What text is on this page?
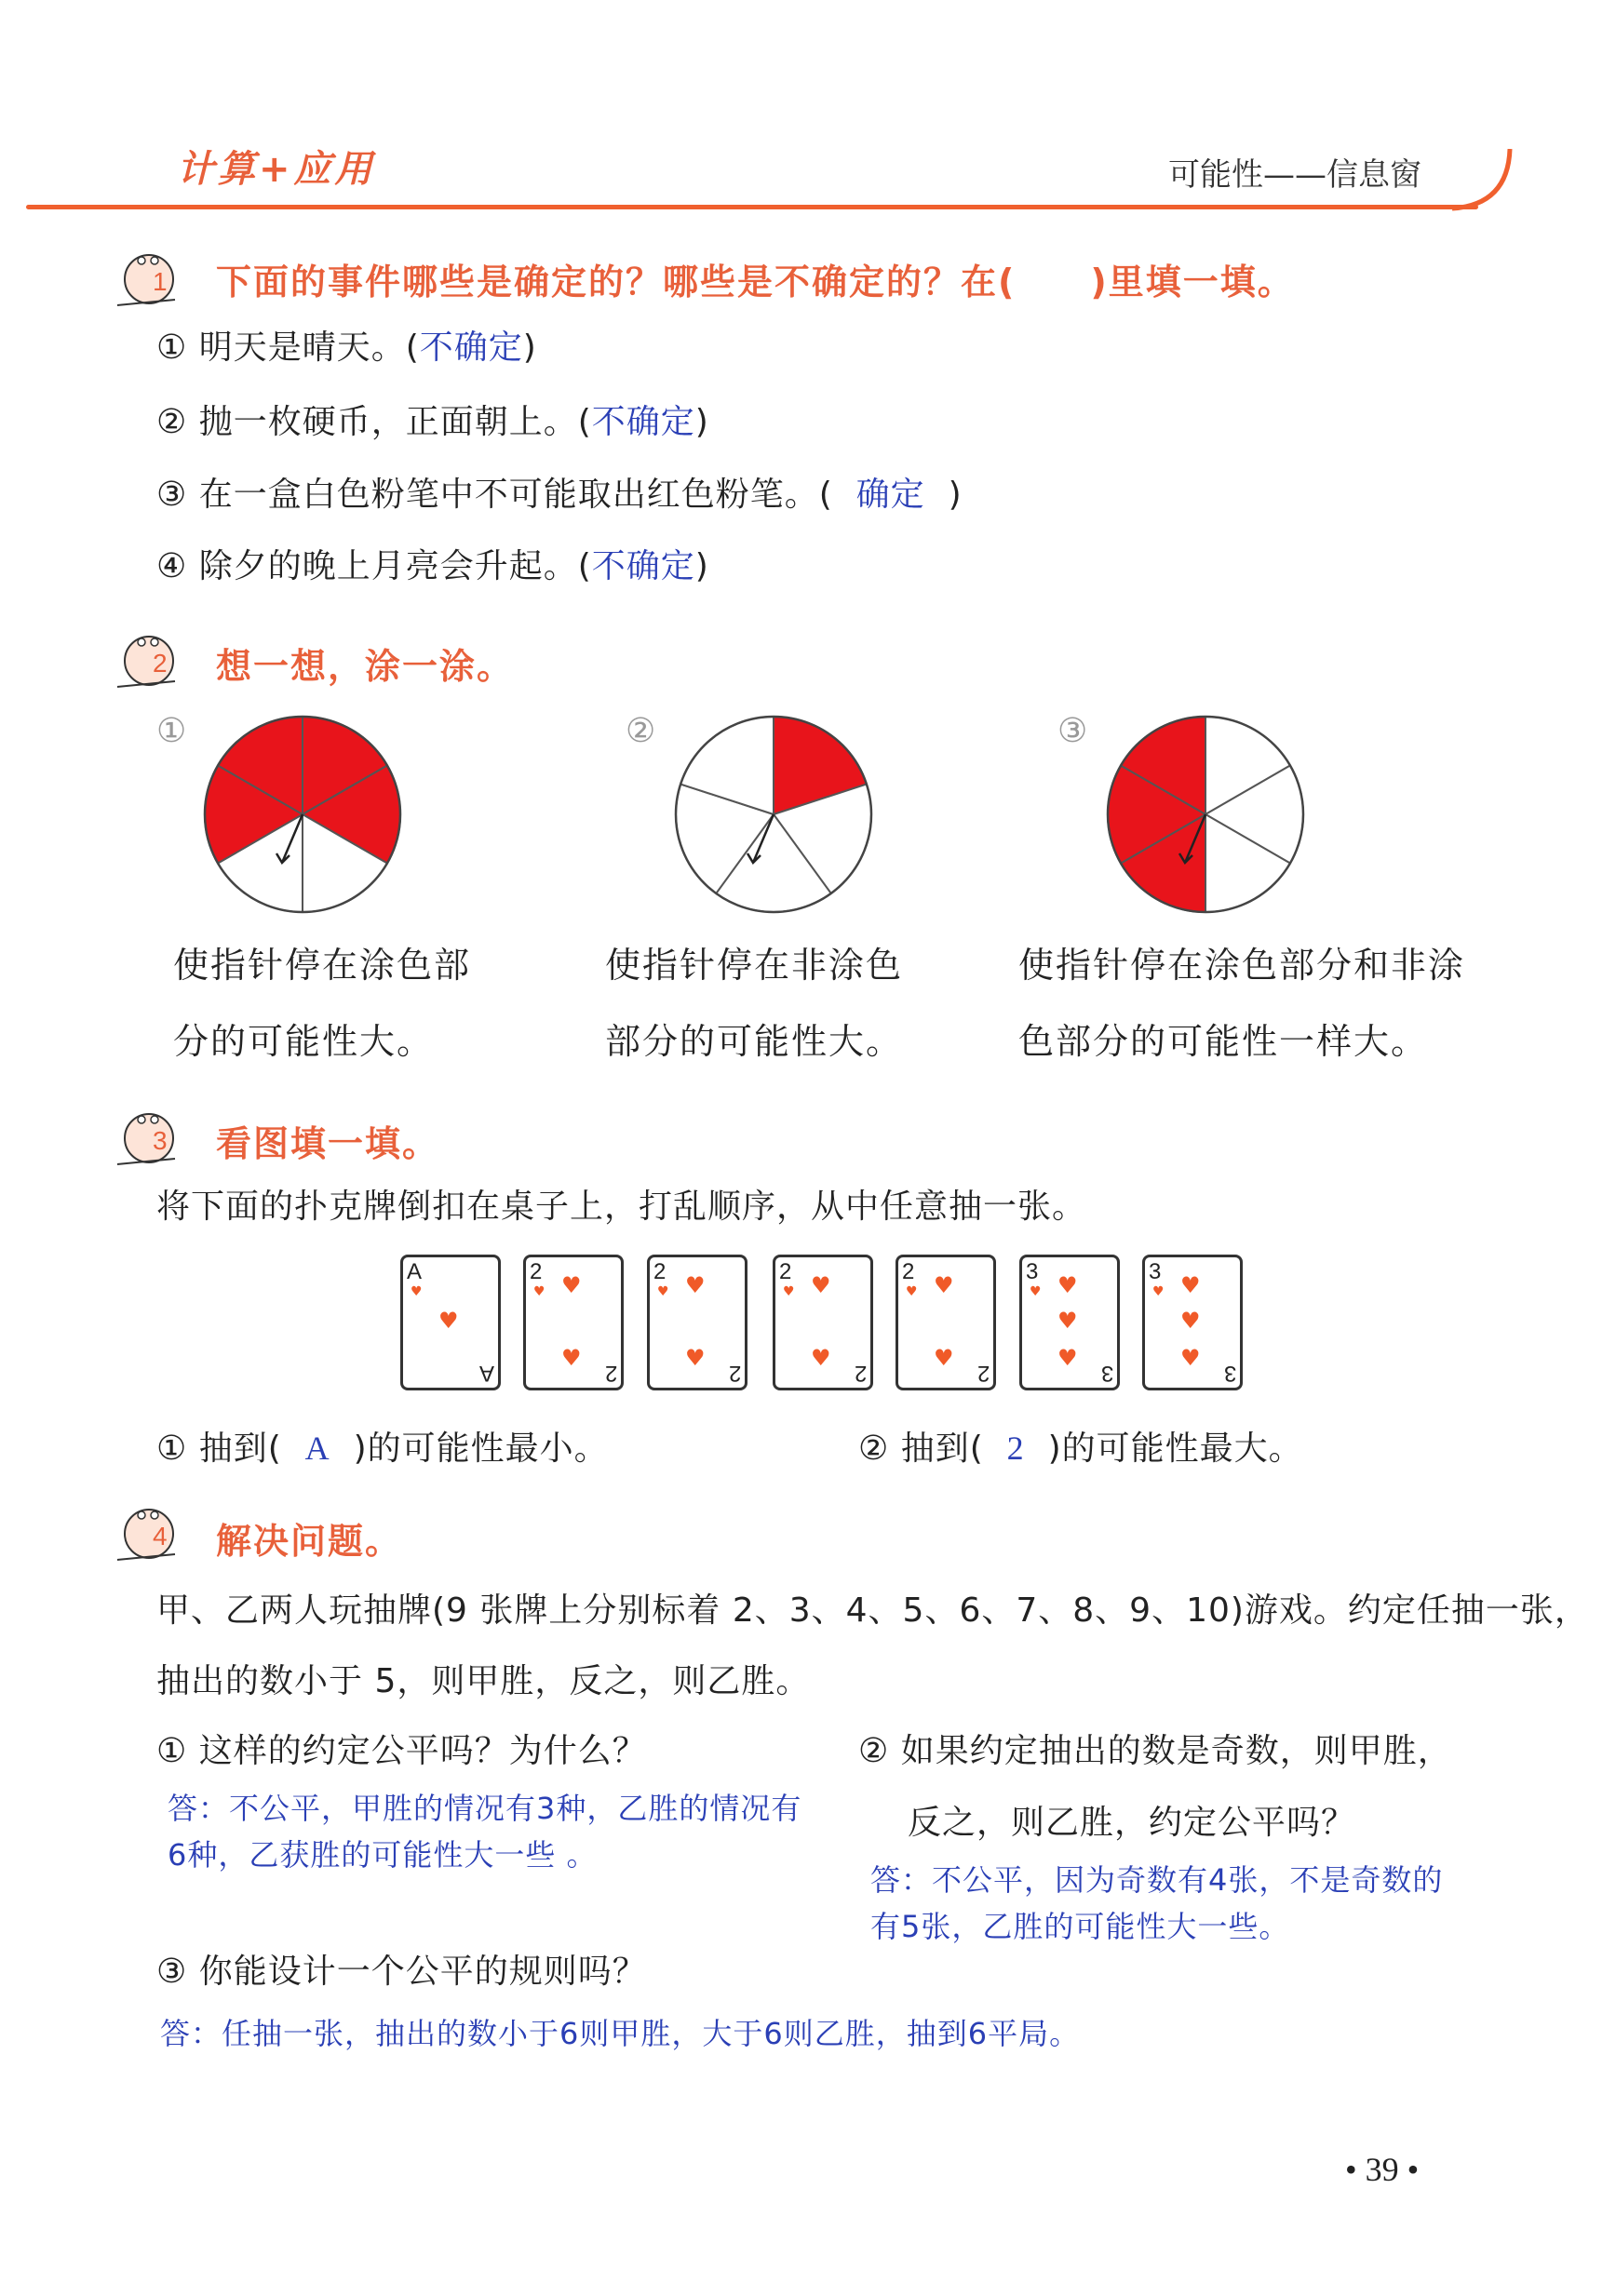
计算+应用	可能性——信息窗
1 下面的事件哪些是确定的？哪些是不确定的？在(　　)里填一填。
① 明天是晴天。(不确定)
② 抛一枚硬币，正面朝上。(不确定)
③ 在一盒白色粉笔中不可能取出红色粉笔。( 确定 )
④ 除夕的晚上月亮会升起。(不确定)
2 想一想，涂一涂。
①	②	③
使指针停在涂色部
分的可能性大。
使指针停在非涂色
部分的可能性大。
使指针停在涂色部分和非涂
色部分的可能性一样大。
3 看图填一填。
将下面的扑克牌倒扣在桌子上，打乱顺序，从中任意抽一张。
A
A
♥
♥
2
2
♥ ♥
♥
2
2
♥ ♥
♥
2
2
♥ ♥
♥
2
2
♥ ♥
♥
3
3
♥ ♥
♥
♥
3
3
♥ ♥
♥
♥
① 抽到( A )的可能性最小。	② 抽到( 2 )的可能性最大。
4 解决问题。
甲、乙两人玩抽牌(9 张牌上分别标着 2、3、4、5、6、7、8、9、10)游戏。约定任抽一张，
抽出的数小于 5，则甲胜，反之，则乙胜。
① 这样的约定公平吗？为什么？
答：不公平，甲胜的情况有3种，乙胜的情况有
6种，乙获胜的可能性大一些 。
② 如果约定抽出的数是奇数，则甲胜，
反之，则乙胜，约定公平吗？
答：不公平，因为奇数有4张，不是奇数的
有5张，乙胜的可能性大一些。
③ 你能设计一个公平的规则吗？
答：任抽一张，抽出的数小于6则甲胜，大于6则乙胜，抽到6平局。
• 39 •
